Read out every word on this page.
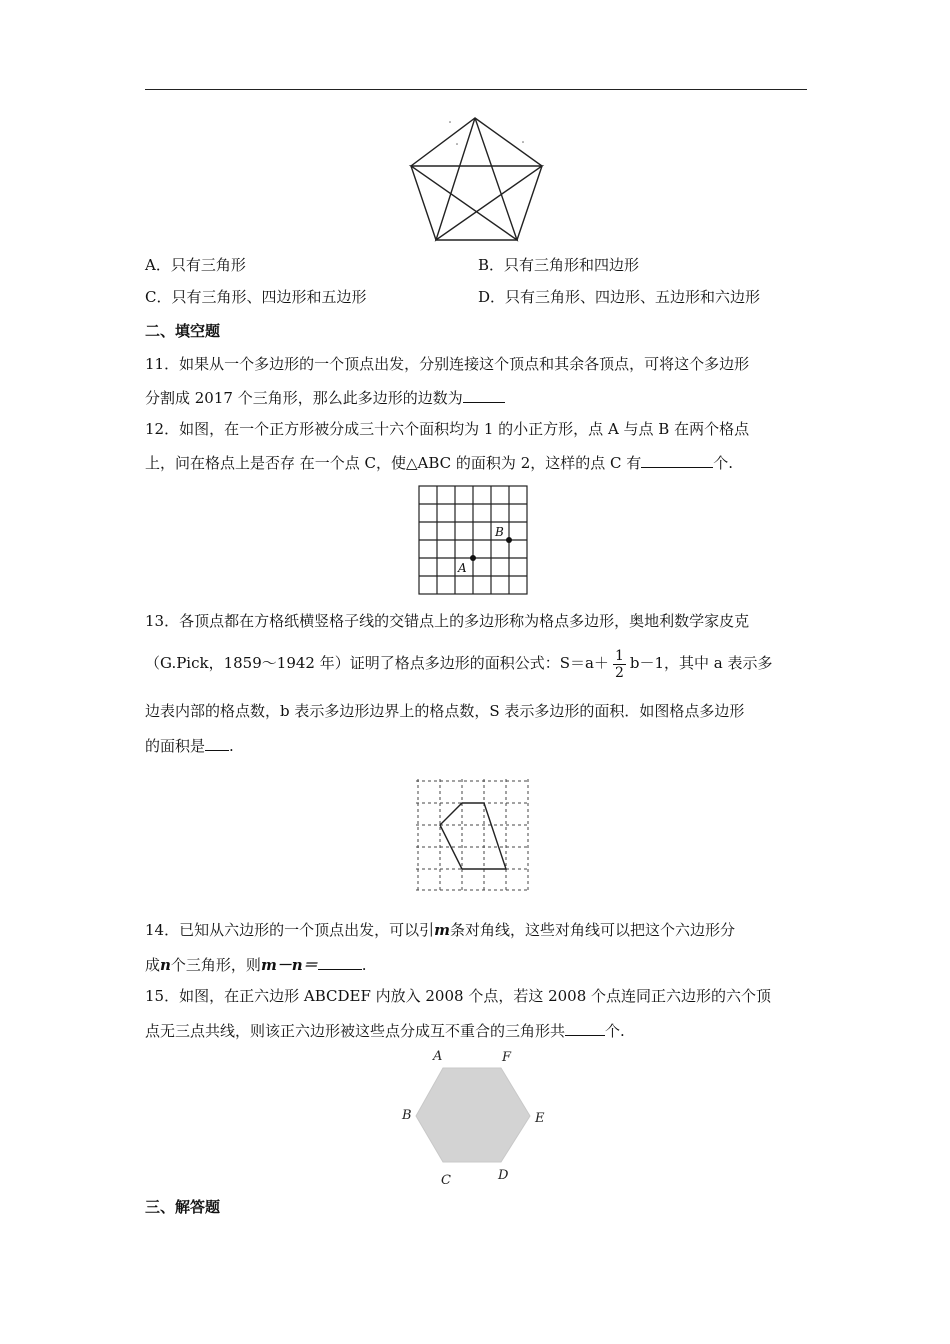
A．只有三角形	B．只有三角形和四边形
C．只有三角形、四边形和五边形	D．只有三角形、四边形、五边形和六边形
二、填空题
11．如果从一个多边形的一个顶点出发，分别连接这个顶点和其余各顶点，可将这个多边形
分割成 2017 个三角形，那么此多边形的边数为
12．如图，在一个正方形被分成三十六个面积均为 1 的小正方形，点 A 与点 B 在两个格点
上，问在格点上是否存 在一个点 C，使△ABC 的面积为 2，这样的点 C 有	个.
A
B
13．各顶点都在方格纸横竖格子线的交错点上的多边形称为格点多边形，奥地利数学家皮克
（G.Pick，1859～1942 年）证明了格点多边形的面积公式：$S=a+ \frac{1}{2} b-1$，其中 a 表示多
边表内部的格点数，b 表示多边形边界上的格点数，S 表示多边形的面积．如图格点多边形
的面积是 .
14．已知从六边形的一个顶点出发，可以引m条对角线，这些对角线可以把这个六边形分
成n个三角形，则m－n＝	.
15．如图，在正六边形 ABCDEF 内放入 2008 个点，若这 2008 个点连同正六边形的六个顶
点无三点共线，则该正六边形被这些点分成互不重合的三角形共	个.
A	F
B	E
C	D
三、解答题
